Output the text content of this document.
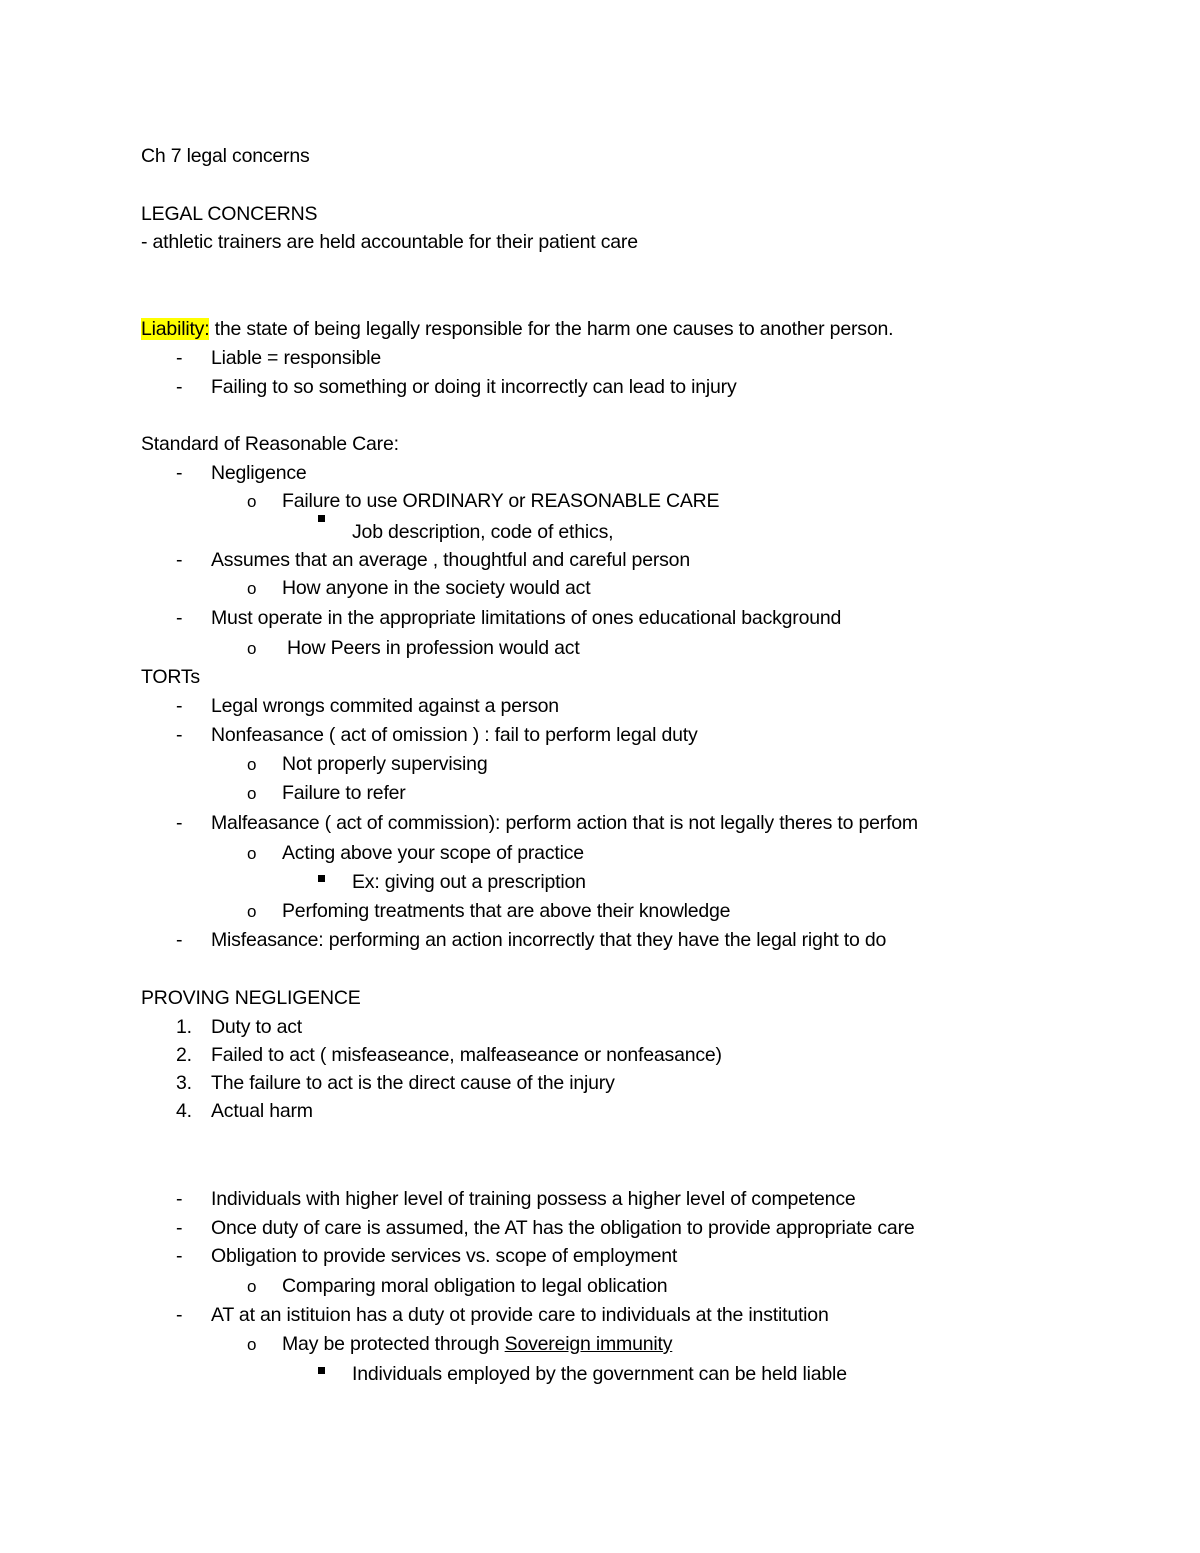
Ch 7 legal concerns
LEGAL CONCERNS
- athletic trainers are held accountable for their patient care
Liability: the state of being legally responsible for the harm one causes to another person.
- Liable = responsible
- Failing to so something or doing it incorrectly can lead to injury
Standard of Reasonable Care:
- Negligence
o Failure to use ORDINARY or REASONABLE CARE
Job description, code of ethics,
- Assumes that an average , thoughtful and careful person
o How anyone in the society would act
- Must operate in the appropriate limitations of ones educational background
o How Peers in profession would act
TORTs
- Legal wrongs commited against a person
- Nonfeasance ( act of omission ) : fail to perform legal duty
o Not properly supervising
o Failure to refer
- Malfeasance ( act of commission): perform action that is not legally theres to perfom
o Acting above your scope of practice
Ex: giving out a prescription
o Perfoming treatments that are above their knowledge
- Misfeasance: performing an action incorrectly that they have the legal right to do
PROVING NEGLIGENCE
1. Duty to act
2. Failed to act ( misfeaseance, malfeaseance or nonfeasance)
3. The failure to act is the direct cause of the injury
4. Actual harm
- Individuals with higher level of training possess a higher level of competence
- Once duty of care is assumed, the AT has the obligation to provide appropriate care
- Obligation to provide services vs. scope of employment
o Comparing moral obligation to legal oblication
- AT at an istituion has a duty ot provide care to individuals at the institution
o May be protected through Sovereign immunity
Individuals employed by the government can be held liable
